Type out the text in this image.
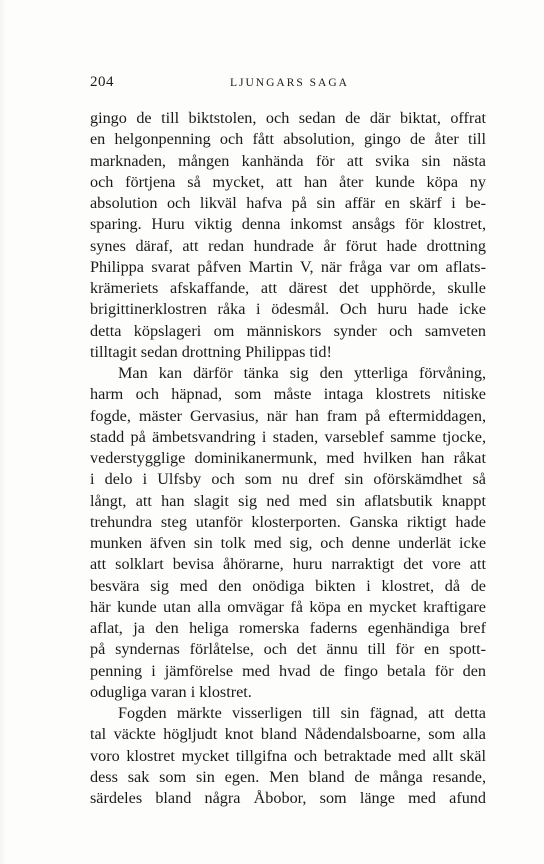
204	LJUNGARS SAGA
gingo de till biktstolen, och sedan de där biktat, offrat
en helgonpenning och fått absolution, gingo de åter till
marknaden, mången kanhända för att svika sin nästa
och förtjena så mycket, att han åter kunde köpa ny
absolution och likväl hafva på sin affär en skärf i be-
sparing. Huru viktig denna inkomst ansågs för klostret,
synes däraf, att redan hundrade år förut hade drottning
Philippa svarat påfven Martin V, när fråga var om aflats-
krämeriets afskaffande, att därest det upphörde, skulle
brigittinerklostren råka i ödesmål. Och huru hade icke
detta köpslageri om människors synder och samveten
tilltagit sedan drottning Philippas tid!
Man kan därför tänka sig den ytterliga förvåning,
harm och häpnad, som måste intaga klostrets nitiske
fogde, mäster Gervasius, när han fram på eftermiddagen,
stadd på ämbetsvandring i staden, varseblef samme tjocke,
vederstygglige dominikanermunk, med hvilken han råkat
i delo i Ulfsby och som nu dref sin oförskämdhet så
långt, att han slagit sig ned med sin aflatsbutik knappt
trehundra steg utanför klosterporten. Ganska riktigt hade
munken äfven sin tolk med sig, och denne underlät icke
att solklart bevisa åhörarne, huru narraktigt det vore att
besvära sig med den onödiga bikten i klostret, då de
här kunde utan alla omvägar få köpa en mycket kraftigare
aflat, ja den heliga romerska faderns egenhändiga bref
på syndernas förlåtelse, och det ännu till för en spott-
penning i jämförelse med hvad de fingo betala för den
odugliga varan i klostret.
Fogden märkte visserligen till sin fägnad, att detta
tal väckte högljudt knot bland Nådendalsboarne, som alla
voro klostret mycket tillgifna och betraktade med allt skäl
dess sak som sin egen. Men bland de många resande,
särdeles bland några Åbobor, som länge med afund
